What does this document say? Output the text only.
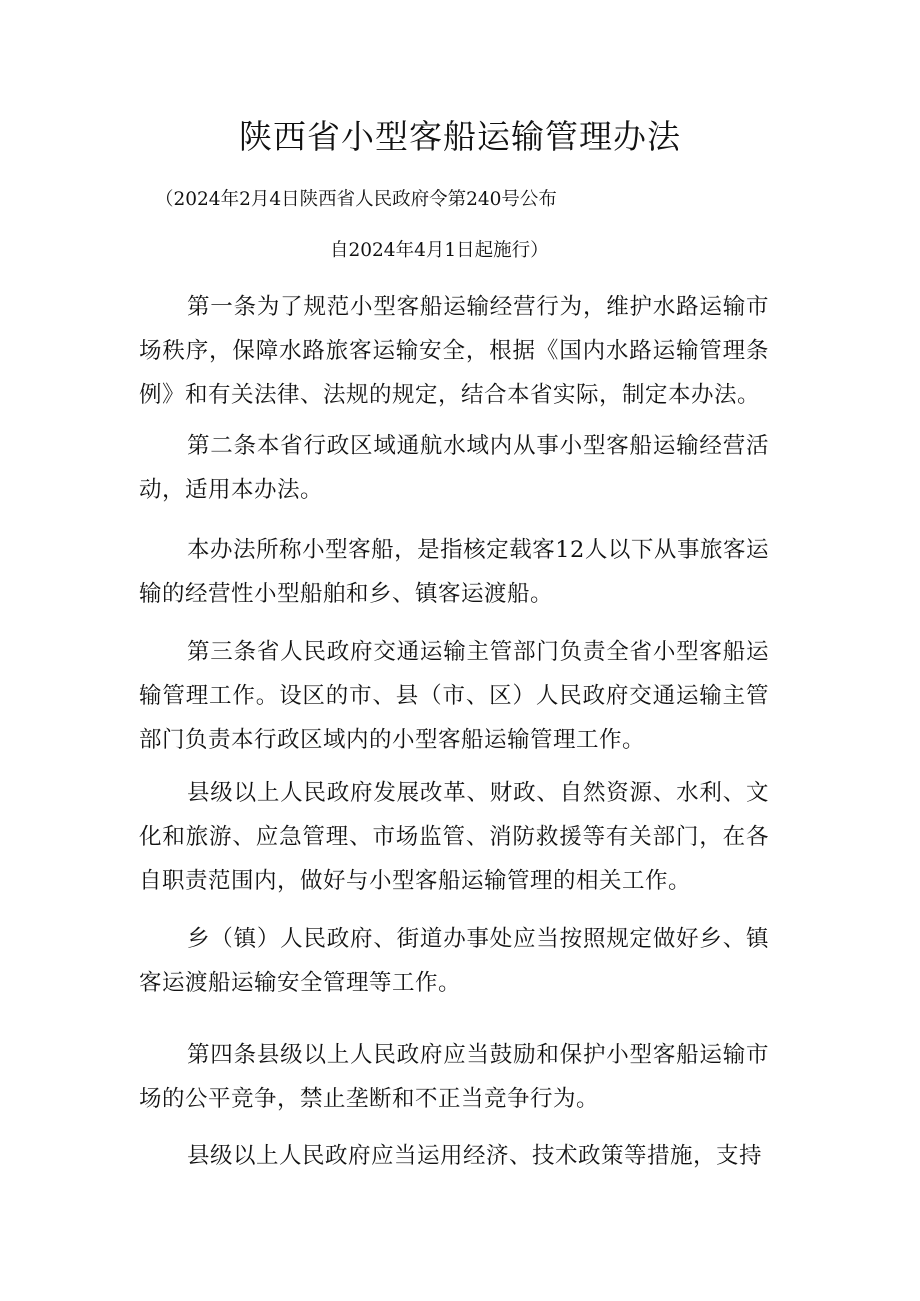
陕西省小型客船运输管理办法
（2024年2月4日陕西省人民政府令第240号公布
自2024年4月1日起施行）

第一条为了规范小型客船运输经营行为，维护水路运输市场秩序，保障水路旅客运输安全，根据《国内水路运输管理条例》和有关法律、法规的规定，结合本省实际，制定本办法。

第二条本省行政区域通航水域内从事小型客船运输经营活动，适用本办法。

本办法所称小型客船，是指核定载客12人以下从事旅客运输的经营性小型船舶和乡、镇客运渡船。

第三条省人民政府交通运输主管部门负责全省小型客船运输管理工作。设区的市、县（市、区）人民政府交通运输主管部门负责本行政区域内的小型客船运输管理工作。

县级以上人民政府发展改革、财政、自然资源、水利、文化和旅游、应急管理、市场监管、消防救援等有关部门，在各自职责范围内，做好与小型客船运输管理的相关工作。

乡（镇）人民政府、街道办事处应当按照规定做好乡、镇客运渡船运输安全管理等工作。

第四条县级以上人民政府应当鼓励和保护小型客船运输市场的公平竞争，禁止垄断和不正当竞争行为。

县级以上人民政府应当运用经济、技术政策等措施，支持
